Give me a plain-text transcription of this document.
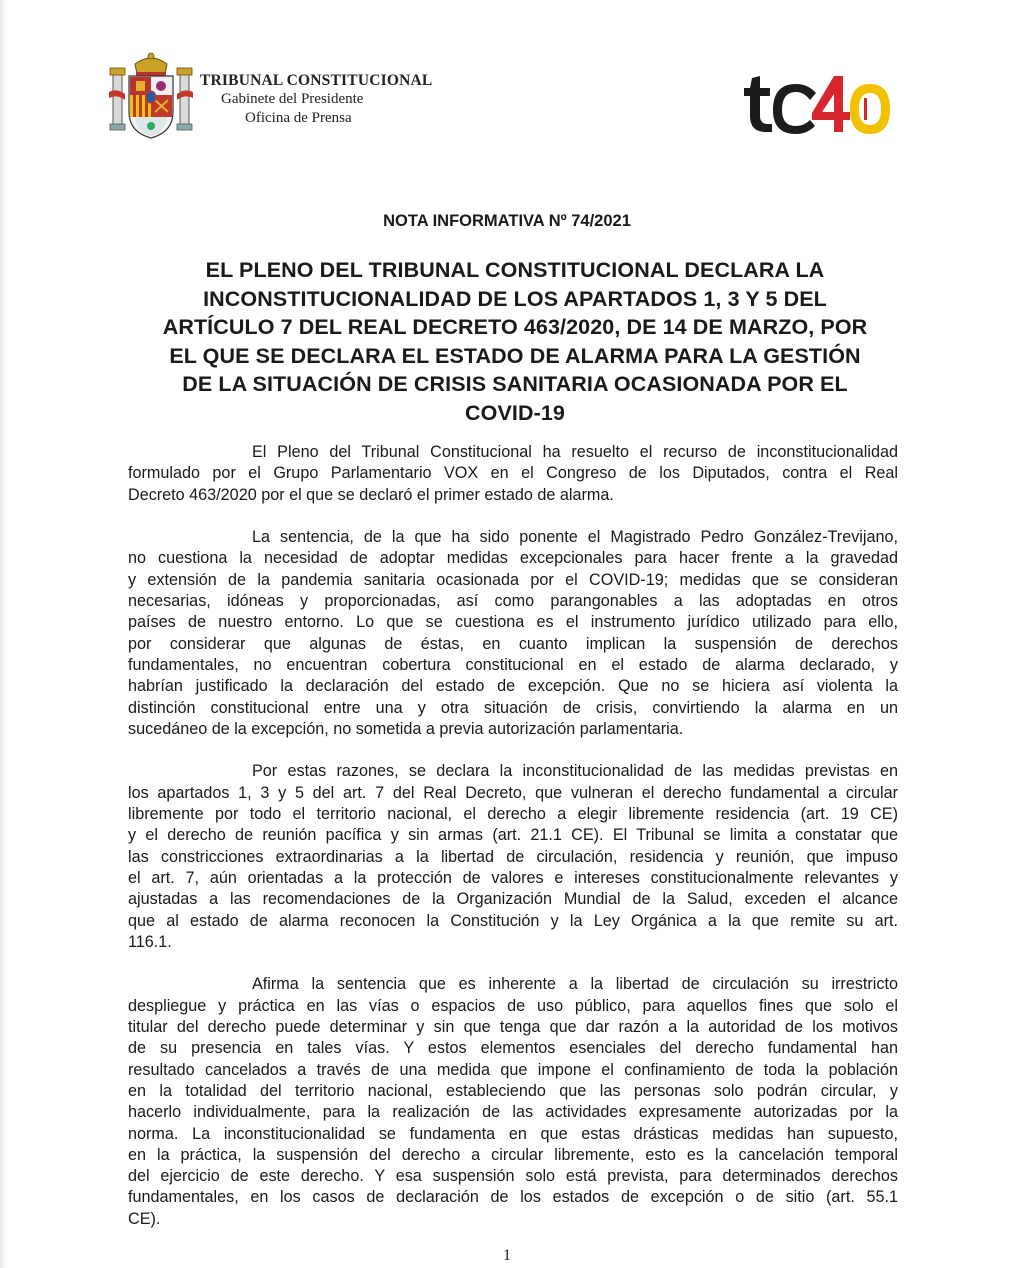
TRIBUNAL CONSTITUCIONAL
Gabinete del Presidente
Oficina de Prensa
NOTA INFORMATIVA Nº 74/2021
EL PLENO DEL TRIBUNAL CONSTITUCIONAL DECLARA LA
INCONSTITUCIONALIDAD DE LOS APARTADOS 1, 3 Y 5 DEL
ARTÍCULO 7 DEL REAL DECRETO 463/2020, DE 14 DE MARZO, POR
EL QUE SE DECLARA EL ESTADO DE ALARMA PARA LA GESTIÓN
DE LA SITUACIÓN DE CRISIS SANITARIA OCASIONADA POR EL
COVID-19
El Pleno del Tribunal Constitucional ha resuelto el recurso de inconstitucionalidad
formulado por el Grupo Parlamentario VOX en el Congreso de los Diputados, contra el Real
Decreto 463/2020 por el que se declaró el primer estado de alarma.
La sentencia, de la que ha sido ponente el Magistrado Pedro González-Trevijano,
no cuestiona la necesidad de adoptar medidas excepcionales para hacer frente a la gravedad
y extensión de la pandemia sanitaria ocasionada por el COVID-19; medidas que se consideran
necesarias, idóneas y proporcionadas, así como parangonables a las adoptadas en otros
países de nuestro entorno. Lo que se cuestiona es el instrumento jurídico utilizado para ello,
por considerar que algunas de éstas, en cuanto implican la suspensión de derechos
fundamentales, no encuentran cobertura constitucional en el estado de alarma declarado, y
habrían justificado la declaración del estado de excepción. Que no se hiciera así violenta la
distinción constitucional entre una y otra situación de crisis, convirtiendo la alarma en un
sucedáneo de la excepción, no sometida a previa autorización parlamentaria.
Por estas razones, se declara la inconstitucionalidad de las medidas previstas en
los apartados 1, 3 y 5 del art. 7 del Real Decreto, que vulneran el derecho fundamental a circular
libremente por todo el territorio nacional, el derecho a elegir libremente residencia (art. 19 CE)
y el derecho de reunión pacífica y sin armas (art. 21.1 CE). El Tribunal se limita a constatar que
las constricciones extraordinarias a la libertad de circulación, residencia y reunión, que impuso
el art. 7, aún orientadas a la protección de valores e intereses constitucionalmente relevantes y
ajustadas a las recomendaciones de la Organización Mundial de la Salud, exceden el alcance
que al estado de alarma reconocen la Constitución y la Ley Orgánica a la que remite su art.
116.1.
Afirma la sentencia que es inherente a la libertad de circulación su irrestricto
despliegue y práctica en las vías o espacios de uso público, para aquellos fines que solo el
titular del derecho puede determinar y sin que tenga que dar razón a la autoridad de los motivos
de su presencia en tales vías. Y estos elementos esenciales del derecho fundamental han
resultado cancelados a través de una medida que impone el confinamiento de toda la población
en la totalidad del territorio nacional, estableciendo que las personas solo podrán circular, y
hacerlo individualmente, para la realización de las actividades expresamente autorizadas por la
norma. La inconstitucionalidad se fundamenta en que estas drásticas medidas han supuesto,
en la práctica, la suspensión del derecho a circular libremente, esto es la cancelación temporal
del ejercicio de este derecho. Y esa suspensión solo está prevista, para determinados derechos
fundamentales, en los casos de declaración de los estados de excepción o de sitio (art. 55.1
CE).
1
